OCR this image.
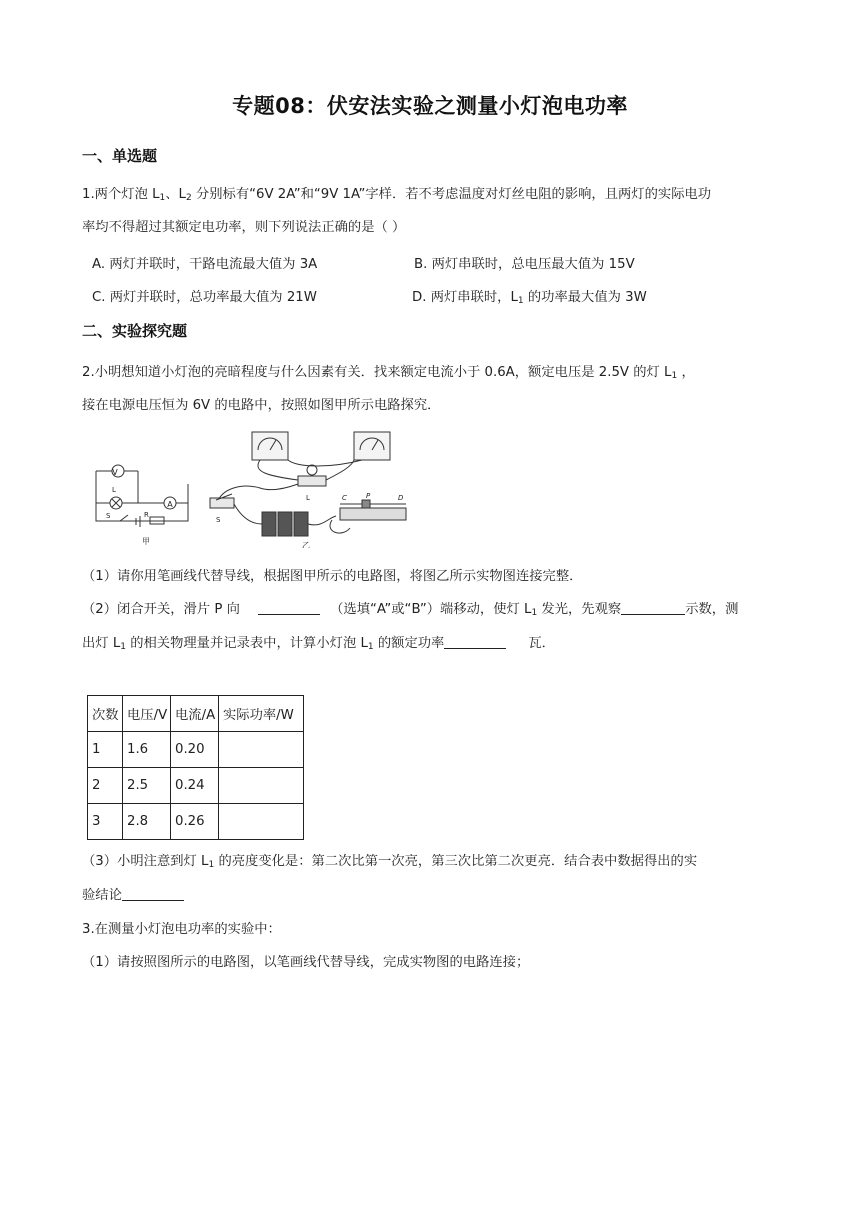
专题08：伏安法实验之测量小灯泡电功率
一、单选题
1.两个灯泡 $L_1$、$L_2$ 分别标有“6V 2A”和“9V 1A”字样．若不考虑温度对灯丝电阻的影响，且两灯的实际电功
率均不得超过其额定电功率，则下列说法正确的是（ ）
A. 两灯并联时，干路电流最大值为 3A	B. 两灯串联时，总电压最大值为 15V
C. 两灯并联时，总功率最大值为 21W	D. 两灯串联时，$L_1$ 的功率最大值为 3W
二、实验探究题
2.小明想知道小灯泡的亮暗程度与什么因素有关．找来额定电流小于 0.6A，额定电压是 2.5V 的灯 $L_1$ ，
接在电源电压恒为 6V 的电路中，按照如图甲所示电路探究．
V
A
L
S	R
甲
S
L	C	P	D
乙
（1）请你用笔画线代替导线，根据图甲所示的电路图，将图乙所示实物图连接完整．
（2）闭合开关，滑片 P 向	（选填“A”或“B”）端移动，使灯 $L_1$ 发光，先观察	示数，测
出灯 $L_1$ 的相关物理量并记录表中，计算小灯泡 $L_1$ 的额定功率	瓦．
次数	电压/V	电流/A	实际功率/W
1	1.6	0.20	
2	2.5	0.24	
3	2.8	0.26	
（3）小明注意到灯 $L_1$ 的亮度变化是：第二次比第一次亮，第三次比第二次更亮．结合表中数据得出的实
验结论
3.在测量小灯泡电功率的实验中：
（1）请按照图所示的电路图，以笔画线代替导线，完成实物图的电路连接；
